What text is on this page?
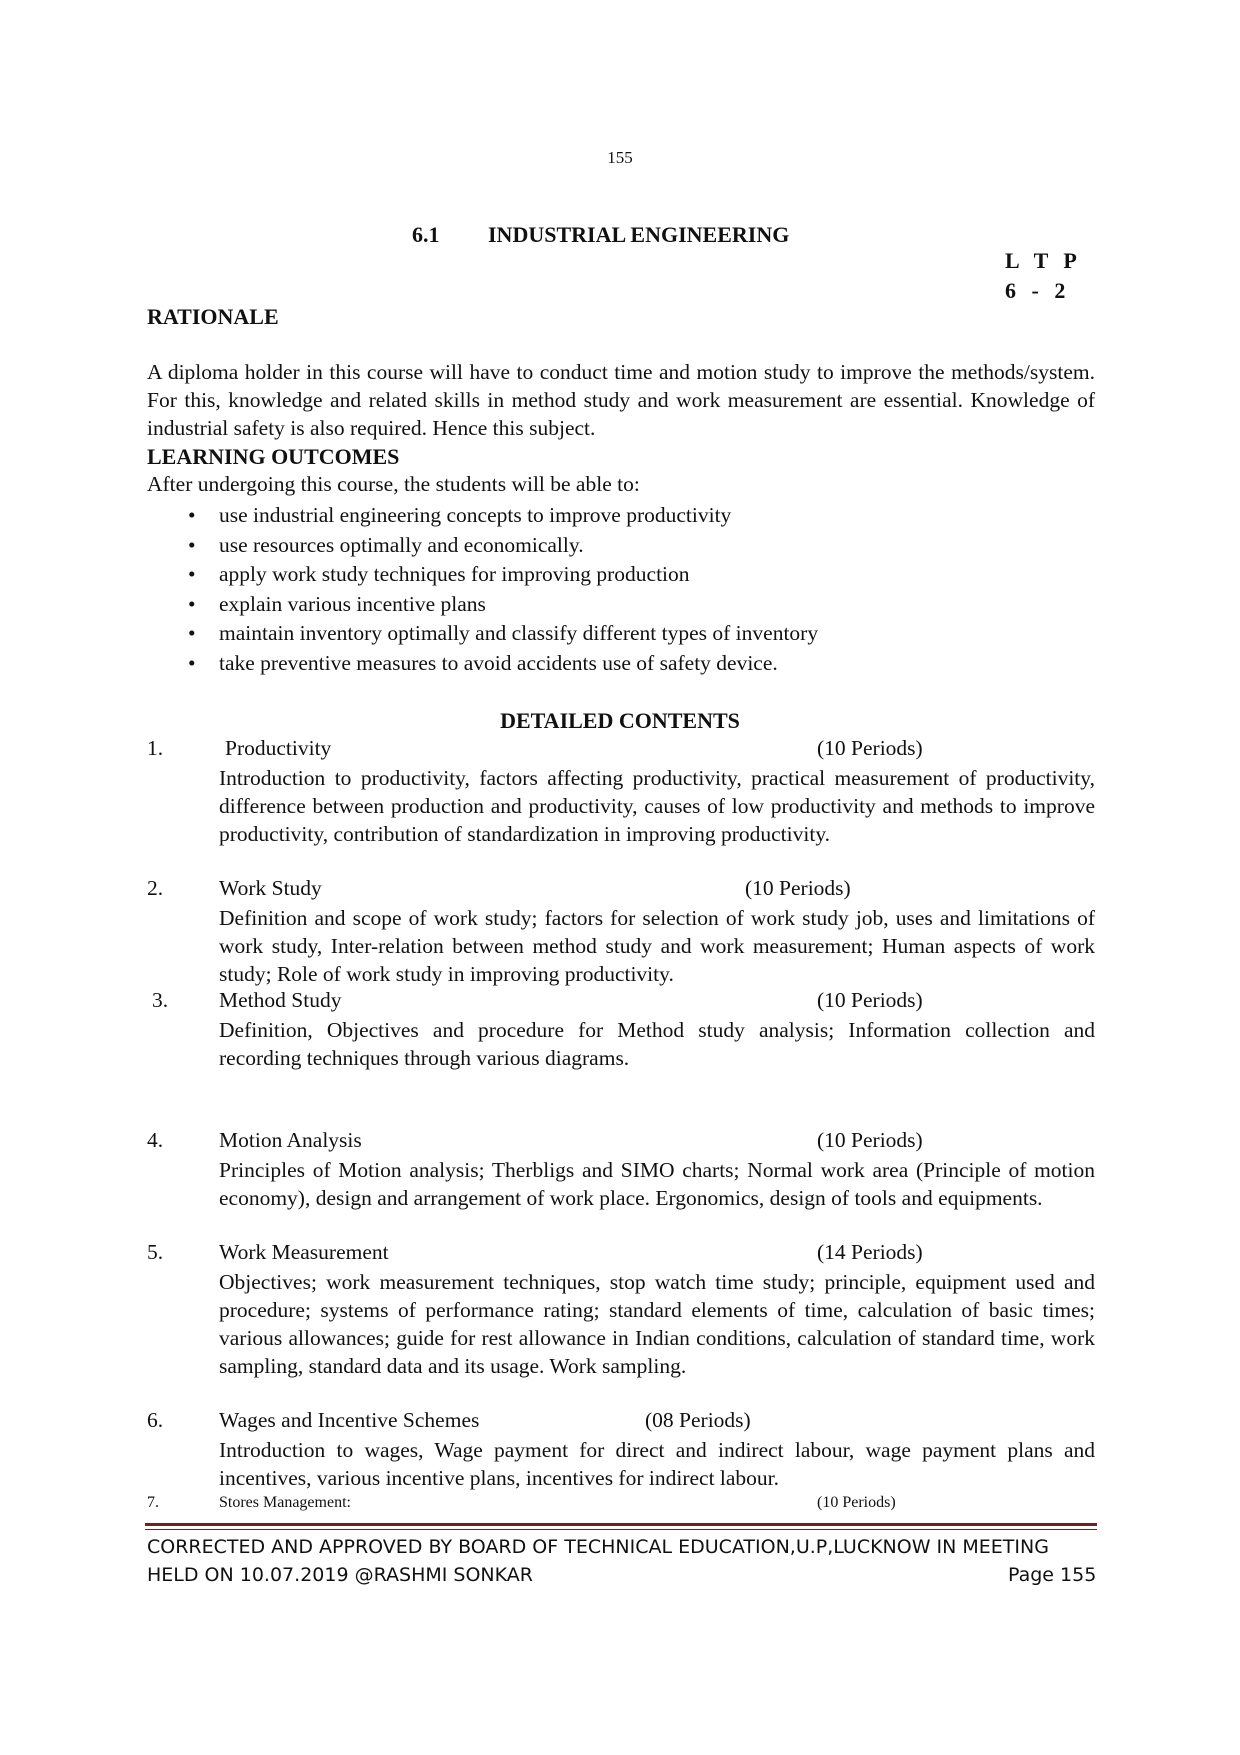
155
6.1 INDUSTRIAL ENGINEERING
L T P
6 - 2
RATIONALE

A diploma holder in this course will have to conduct time and motion study to improve the methods/system. For this, knowledge and related skills in method study and work measurement are essential. Knowledge of industrial safety is also required. Hence this subject.

LEARNING OUTCOMES
After undergoing this course, the students will be able to:
• use industrial engineering concepts to improve productivity
• use resources optimally and economically.
• apply work study techniques for improving production
• explain various incentive plans
• maintain inventory optimally and classify different types of inventory
• take preventive measures to avoid accidents use of safety device.
DETAILED CONTENTS
1.	Productivity	(10 Periods)

Introduction to productivity, factors affecting productivity, practical measurement of productivity, difference between production and productivity, causes of low productivity and methods to improve productivity, contribution of standardization in improving productivity.

2.	Work Study	(10 Periods)

Definition and scope of work study; factors for selection of work study job, uses and limitations of work study, Inter-relation between method study and work measurement; Human aspects of work study; Role of work study in improving productivity.

3. Method Study	(10 Periods)

Definition, Objectives and procedure for Method study analysis; Information collection and recording techniques through various diagrams.

4.	Motion Analysis	(10 Periods)

Principles of Motion analysis; Therbligs and SIMO charts; Normal work area (Principle of motion economy), design and arrangement of work place. Ergonomics, design of tools and equipments.

5.	Work Measurement	(14 Periods)

Objectives; work measurement techniques, stop watch time study; principle, equipment used and procedure; systems of performance rating; standard elements of time, calculation of basic times; various allowances; guide for rest allowance in Indian conditions, calculation of standard time, work sampling, standard data and its usage. Work sampling.

6.	Wages and Incentive Schemes	(08 Periods)

Introduction to wages, Wage payment for direct and indirect labour, wage payment plans and incentives, various incentive plans, incentives for indirect labour.

7.	Stores Management:	(10 Periods)
CORRECTED AND APPROVED BY BOARD OF TECHNICAL EDUCATION,U.P,LUCKNOW IN MEETING
HELD ON 10.07.2019 @RASHMI SONKAR	Page 155
